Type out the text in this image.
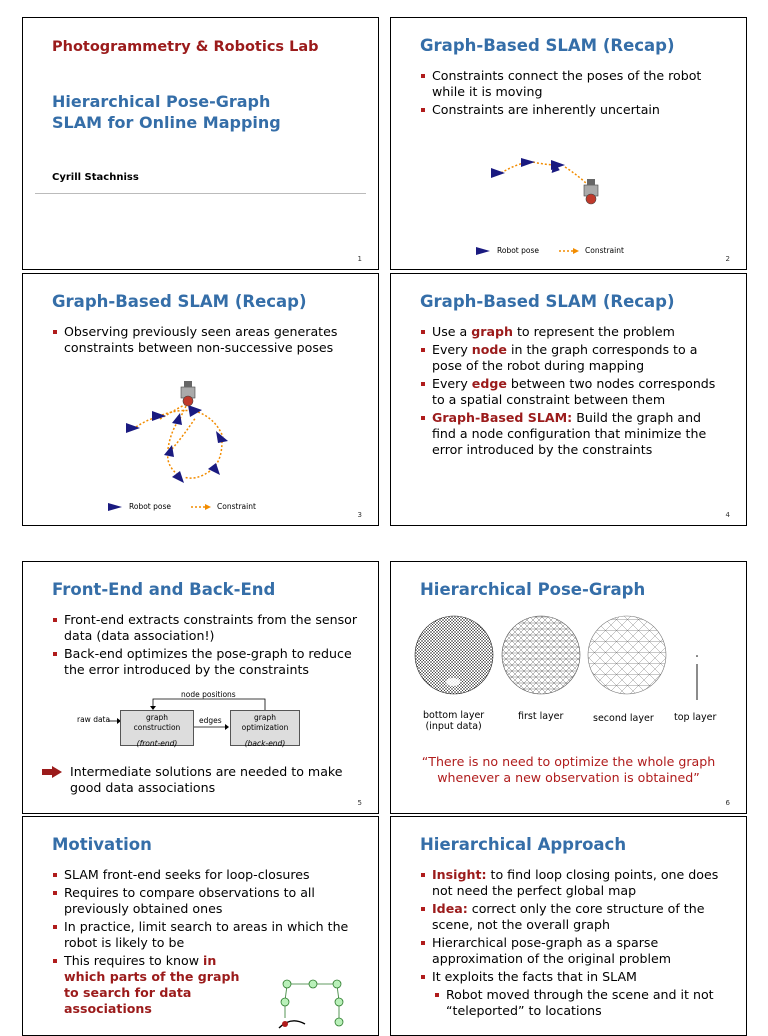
Photogrammetry & Robotics Lab
Hierarchical Pose-Graph
SLAM for Online Mapping
Cyrill Stachniss
1
Graph-Based SLAM (Recap)
Constraints connect the poses of the robot while it is moving
Constraints are inherently uncertain
Robot pose	Constraint
2
Graph-Based SLAM (Recap)
Observing previously seen areas generates constraints between non-successive poses
Robot pose	Constraint
3
Graph-Based SLAM (Recap)
Use a graph to represent the problem
Every node in the graph corresponds to a pose of the robot during mapping
Every edge between two nodes corresponds to a spatial constraint between them
Graph-Based SLAM: Build the graph and find a node configuration that minimize the error introduced by the constraints
4
Front-End and Back-End
Front-end extracts constraints from the sensor data (data association!)
Back-end optimizes the pose-graph to reduce the error introduced by the constraints
raw data	edges
node positions
graph
construction
(front-end)
graph
optimization
(back-end)
Intermediate solutions are needed to make good data associations
5
Hierarchical Pose-Graph
bottom layer
(input data)
first layer	second layer top layer
“There is no need to optimize the whole graph
whenever a new observation is obtained”
6
Motivation
SLAM front-end seeks for loop-closures
Requires to compare observations to all previously obtained ones
In practice, limit search to areas in which the robot is likely to be
This requires to know in which parts of the graph to search for data associations
Hierarchical Approach
Insight: to find loop closing points, one does not need the perfect global map
Idea: correct only the core structure of the scene, not the overall graph
Hierarchical pose-graph as a sparse approximation of the original problem
It exploits the facts that in SLAM
Robot moved through the scene and it not “teleported” to locations
